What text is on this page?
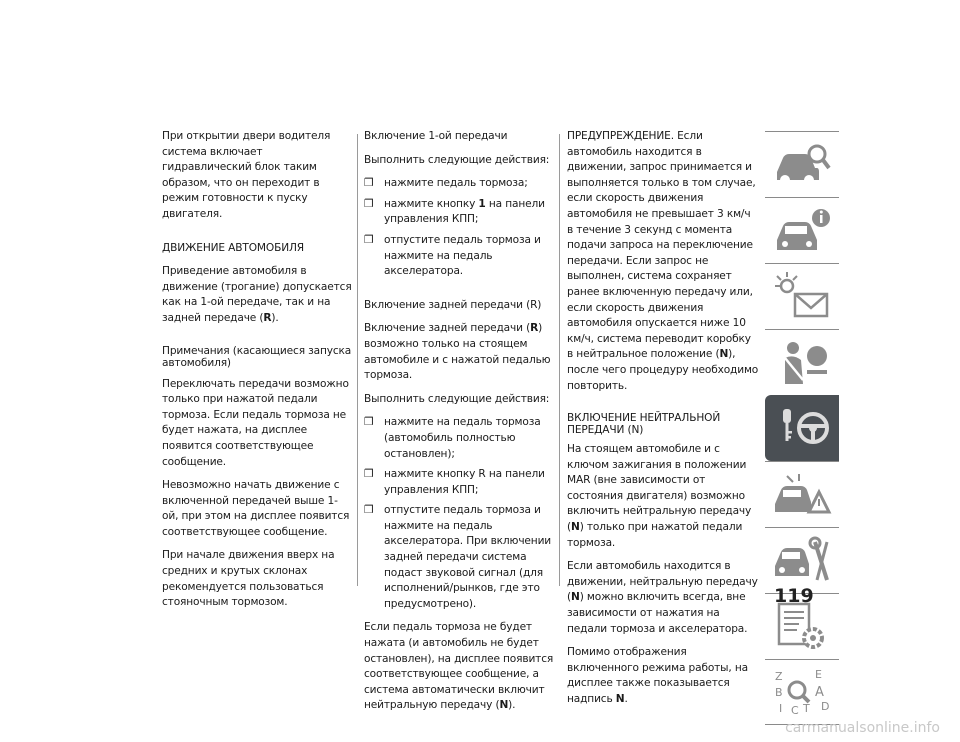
При открытии двери водителя система включает гидравлический блок таким образом, что он переходит в режим готовности к пуску двигателя.

ДВИЖЕНИЕ АВТОМОБИЛЯ

Приведение автомобиля в движение (трогание) допускается как на 1-ой передаче, так и на задней передаче (R).

Примечания (касающиеся запуска автомобиля)

Переключать передачи возможно только при нажатой педали тормоза. Если педаль тормоза не будет нажата, на дисплее появится соответствующее сообщение.

Невозможно начать движение с включенной передачей выше 1-ой, при этом на дисплее появится соответствующее сообщение.

При начале движения вверх на средних и крутых склонах рекомендуется пользоваться стояночным тормозом.

Включение 1-ой передачи

Выполнить следующие действия:

❒ нажмите педаль тормоза;
❒ нажмите кнопку 1 на панели управления КПП;
❒ отпустите педаль тормоза и нажмите на педаль акселератора.

Включение задней передачи (R)

Включение задней передачи (R) возможно только на стоящем автомобиле и с нажатой педалью тормоза.

Выполнить следующие действия:

❒ нажмите на педаль тормоза (автомобиль полностью остановлен);
❒ нажмите кнопку R на панели управления КПП;
❒ отпустите педаль тормоза и нажмите на педаль акселератора. При включении задней передачи система подаст звуковой сигнал (для исполнений/рынков, где это предусмотрено).

Если педаль тормоза не будет нажата (и автомобиль не будет остановлен), на дисплее появится соответствующее сообщение, а система автоматически включит нейтральную передачу (N).

ПРЕДУПРЕЖДЕНИЕ. Если автомобиль находится в движении, запрос принимается и выполняется только в том случае, если скорость движения автомобиля не превышает 3 км/ч в течение 3 секунд с момента подачи запроса на переключение передачи. Если запрос не выполнен, система сохраняет ранее включенную передачу или, если скорость движения автомобиля опускается ниже 10 км/ч, система переводит коробку в нейтральное положение (N), после чего процедуру необходимо повторить.

ВКЛЮЧЕНИЕ НЕЙТРАЛЬНОЙ ПЕРЕДАЧИ (N)

На стоящем автомобиле и с ключом зажигания в положении MAR (вне зависимости от состояния двигателя) возможно включить нейтральную передачу (N) только при нажатой педали тормоза.

Если автомобиль находится в движении, нейтральную передачу (N) можно включить всегда, вне зависимости от нажатия на педали тормоза и акселератора.

Помимо отображения включенного режима работы, на дисплее также показывается надпись N.

Z	E
B A
I C T D
119
carmanualsonline.info
